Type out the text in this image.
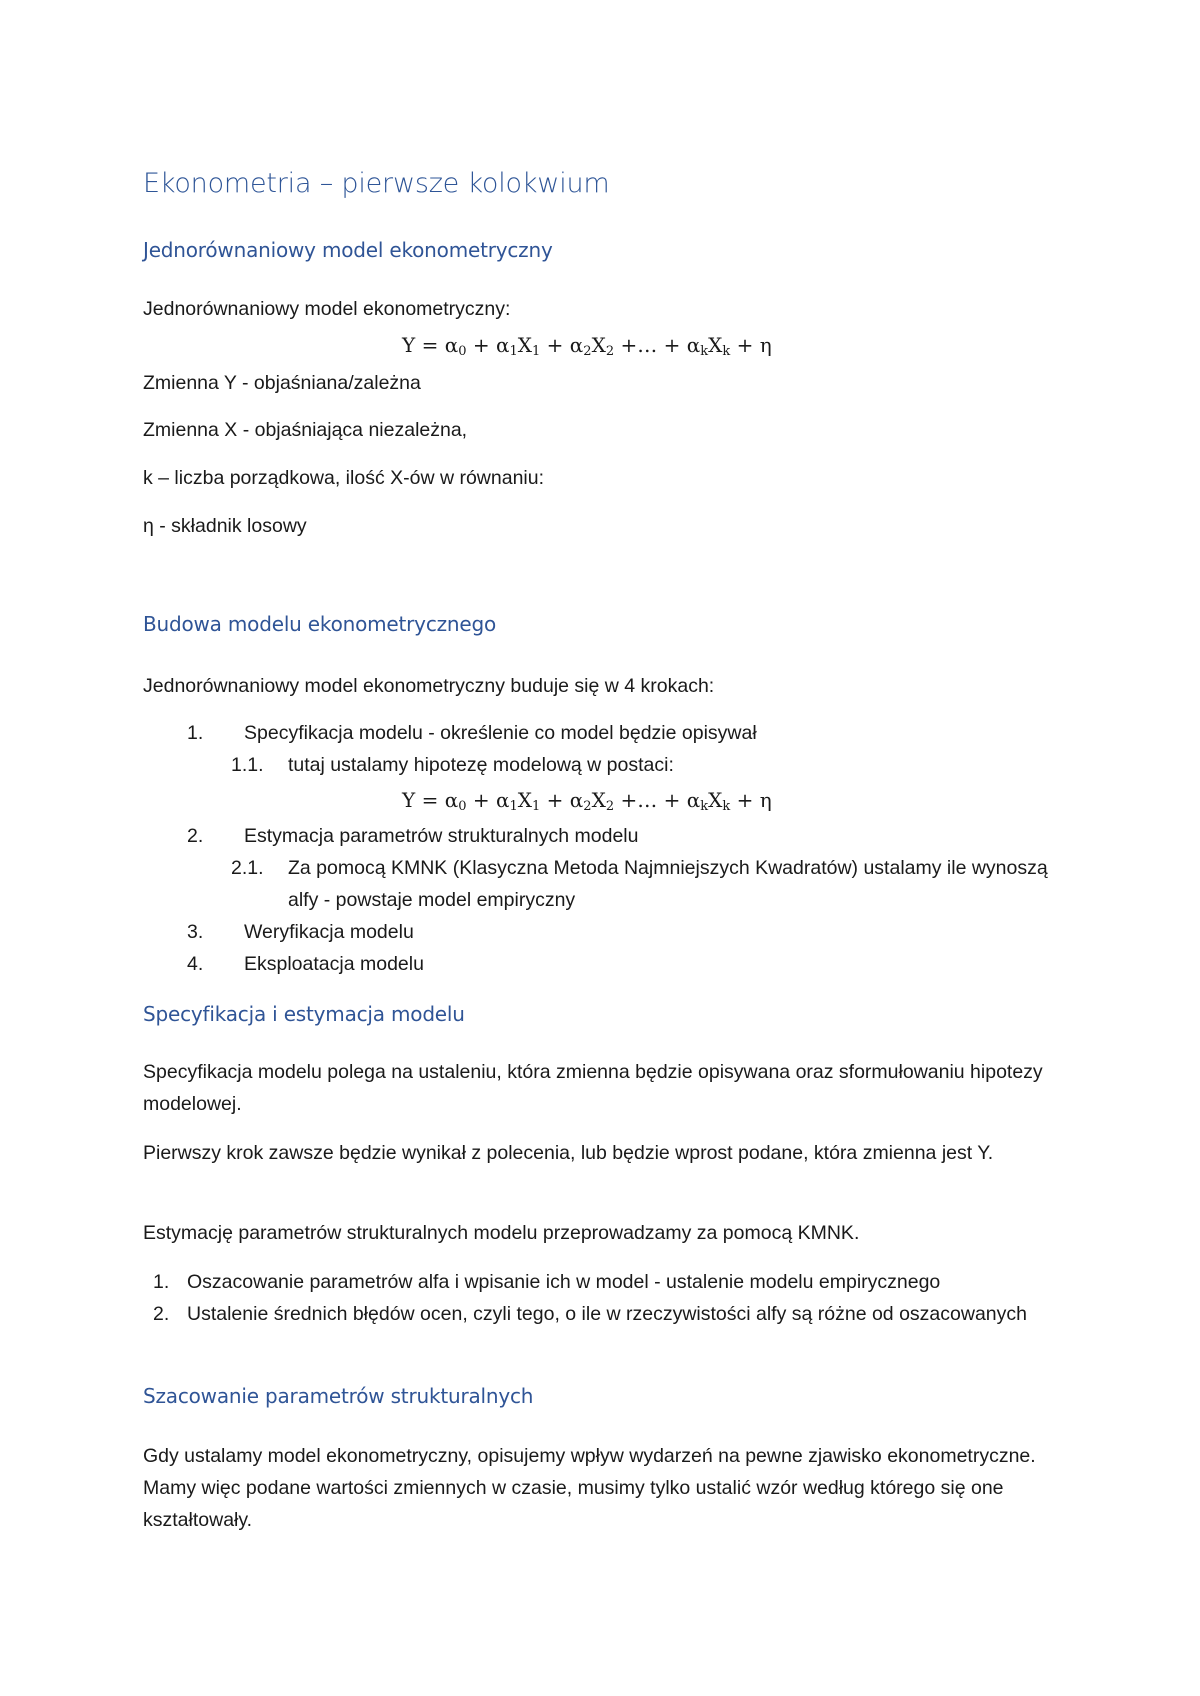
Ekonometria – pierwsze kolokwium
Jednorównaniowy model ekonometryczny

Jednorównaniowy model ekonometryczny:

$Y = \alpha_0 + \alpha_1X_1 + \alpha_2X_2$ +… + $\alpha_kX_k + \eta$

Zmienna Y - objaśniana/zależna

Zmienna X - objaśniająca niezależna,

k – liczba porządkowa, ilość X-ów w równaniu:

η - składnik losowy

Budowa modelu ekonometrycznego

Jednorównaniowy model ekonometryczny buduje się w 4 krokach:

1. Specyfikacja modelu - określenie co model będzie opisywał
1.1. tutaj ustalamy hipotezę modelową w postaci:

$Y = \alpha_0 + \alpha_1X_1 + \alpha_2X_2$ +… + $\alpha_kX_k + \eta$

2. Estymacja parametrów strukturalnych modelu
2.1. Za pomocą KMNK (Klasyczna Metoda Najmniejszych Kwadratów) ustalamy ile wynoszą alfy - powstaje model empiryczny
3. Weryfikacja modelu
4. Eksploatacja modelu
Specyfikacja i estymacja modelu

Specyfikacja modelu polega na ustaleniu, która zmienna będzie opisywana oraz sformułowaniu hipotezy modelowej.

Pierwszy krok zawsze będzie wynikał z polecenia, lub będzie wprost podane, która zmienna jest Y.

Estymację parametrów strukturalnych modelu przeprowadzamy za pomocą KMNK.

1. Oszacowanie parametrów alfa i wpisanie ich w model - ustalenie modelu empirycznego
2. Ustalenie średnich błędów ocen, czyli tego, o ile w rzeczywistości alfy są różne od oszacowanych
Szacowanie parametrów strukturalnych

Gdy ustalamy model ekonometryczny, opisujemy wpływ wydarzeń na pewne zjawisko ekonometryczne. Mamy więc podane wartości zmiennych w czasie, musimy tylko ustalić wzór według którego się one kształtowały.
